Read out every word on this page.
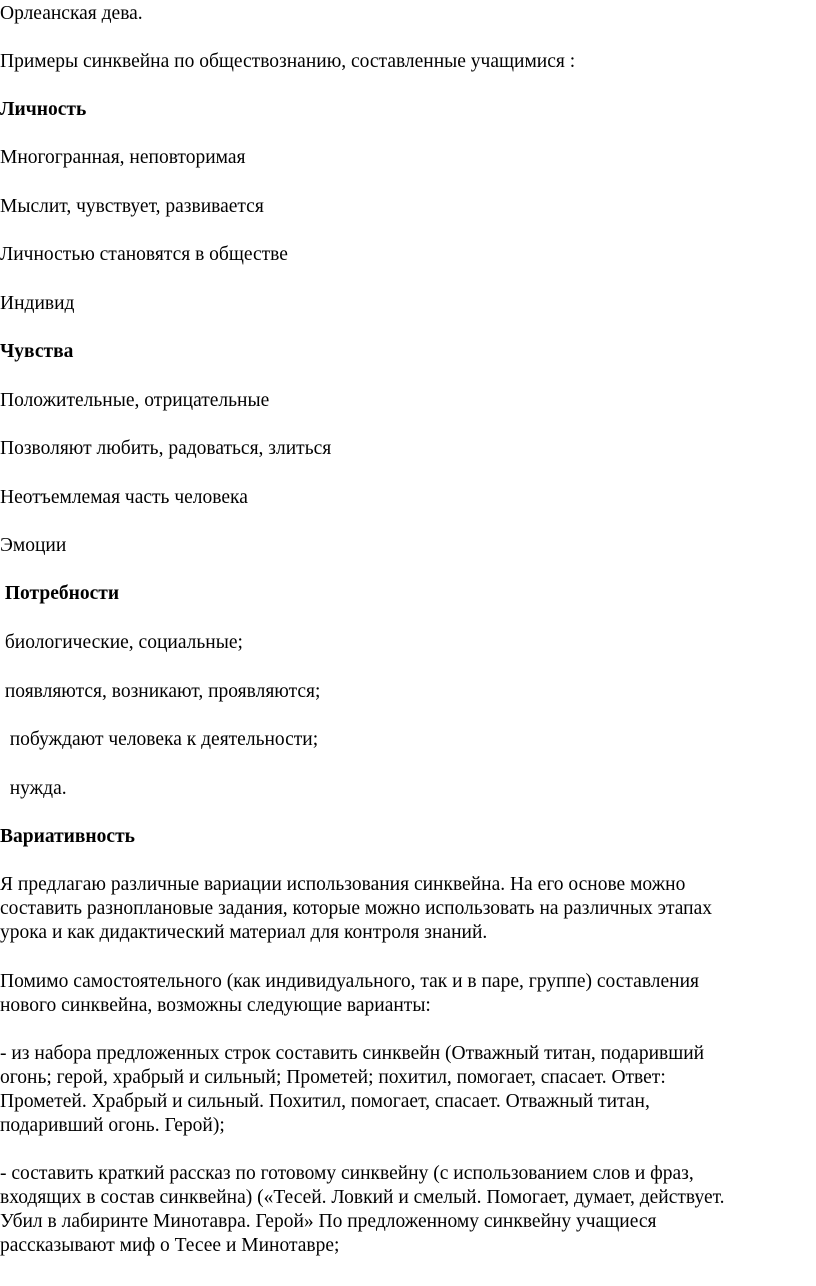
Орлеанская дева.

Примеры синквейна по обществознанию, составленные учащимися :

Личность

Многогранная, неповторимая

Мыслит, чувствует, развивается

Личностью становятся в обществе

Индивид

Чувства

Положительные, отрицательные

Позволяют любить, радоваться, злиться

Неотъемлемая часть человека

Эмоции

Потребности

биологические, социальные;

появляются, возникают, проявляются;

побуждают человека к деятельности;

нужда.

Вариативность

Я предлагаю различные вариации использования синквейна. На его основе можно
составить разноплановые задания, которые можно использовать на различных этапах
урока и как дидактический материал для контроля знаний.
Помимо самостоятельного (как индивидуального, так и в паре, группе) составления
нового синквейна, возможны следующие варианты:
- из набора предложенных строк составить синквейн (Отважный титан, подаривший
огонь; герой, храбрый и сильный; Прометей; похитил, помогает, спасает. Ответ:
Прометей. Храбрый и сильный. Похитил, помогает, спасает. Отважный титан,
подаривший огонь. Герой);
- составить краткий рассказ по готовому синквейну (с использованием слов и фраз,
входящих в состав синквейна) («Тесей. Ловкий и смелый. Помогает, думает, действует.
Убил в лабиринте Минотавра. Герой» По предложенному синквейну учащиеся
рассказывают миф о Тесее и Минотавре;
